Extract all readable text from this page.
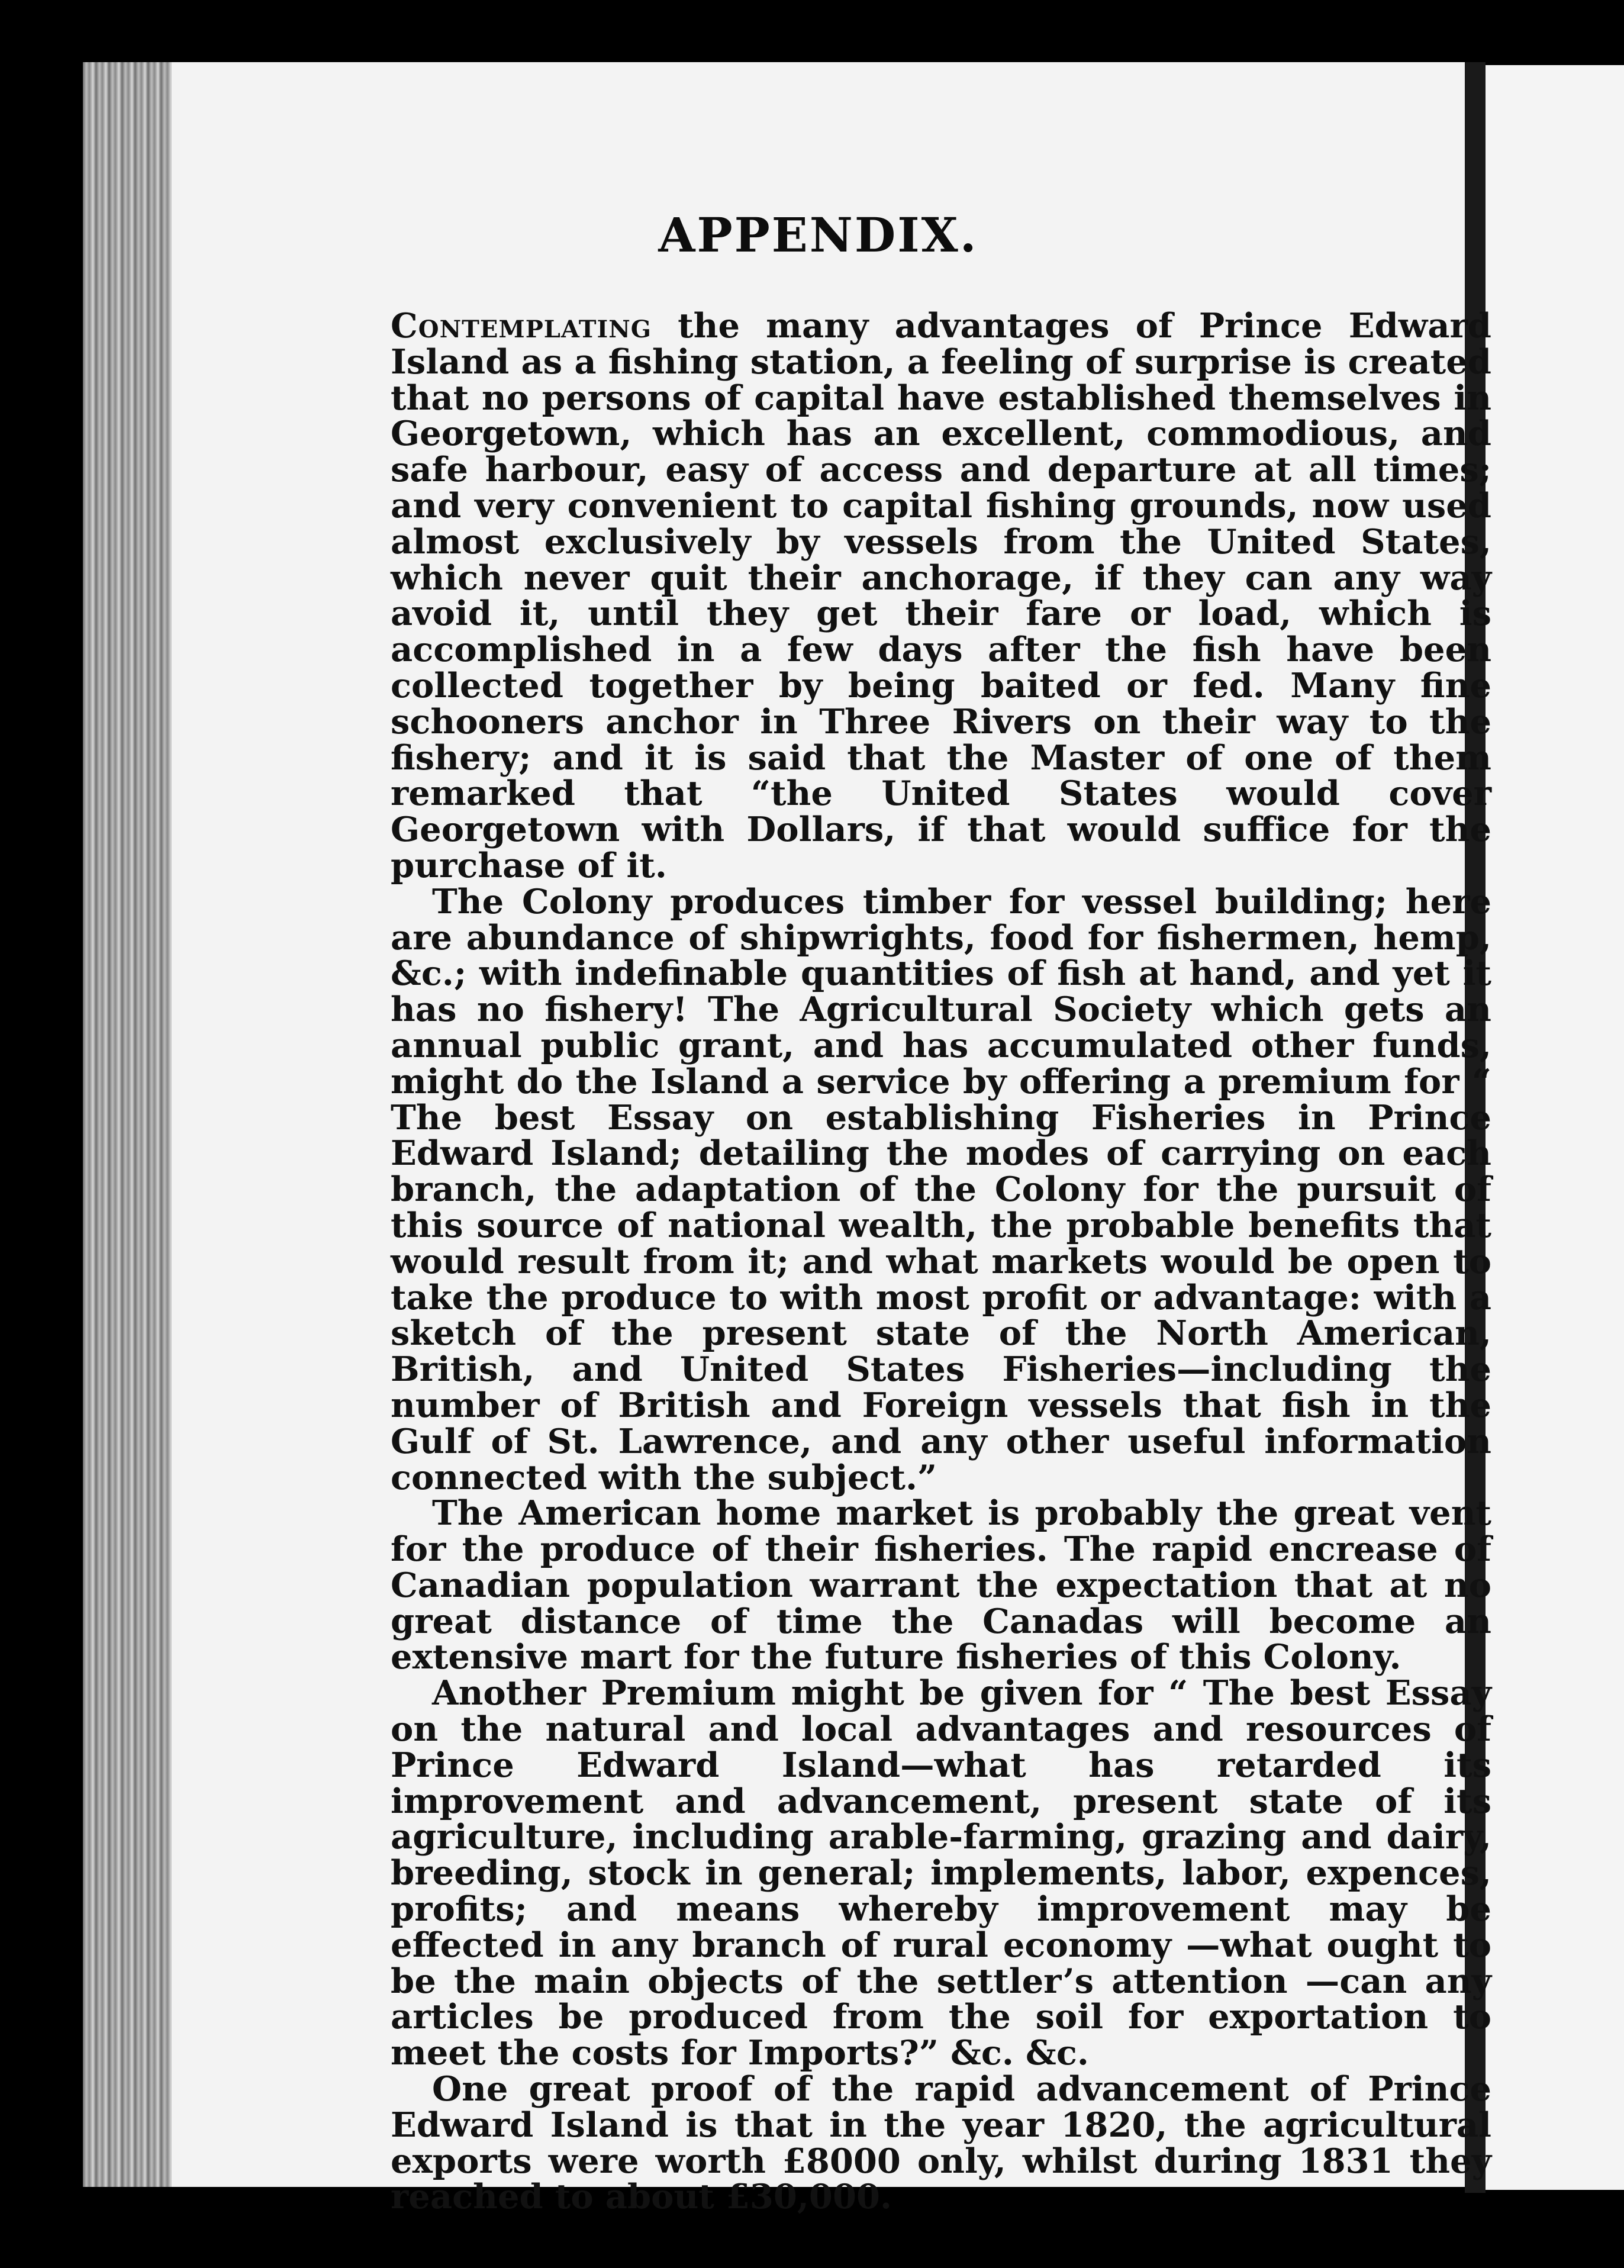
APPENDIX.

Contemplating the many advantages of Prince Edward Island as a fishing station, a feeling of surprise is created that no persons of capital have established themselves in Georgetown, which has an excellent, commodious, and safe harbour, easy of access and departure at all times; and very convenient to capital fishing grounds, now used almost exclusively by vessels from the United States, which never quit their anchorage, if they can any way avoid it, until they get their fare or load, which is accomplished in a few days after the fish have been collected together by being baited or fed. Many fine schooners anchor in Three Rivers on their way to the fishery; and it is said that the Master of one of them remarked that “the United States would cover Georgetown with Dollars, if that would suffice for the purchase of it.

The Colony produces timber for vessel building; here are abundance of shipwrights, food for fishermen, hemp, &c.; with indefinable quantities of fish at hand, and yet it has no fishery! The Agricultural Society which gets an annual public grant, and has accumulated other funds, might do the Island a service by offering a premium for “ The best Essay on establishing Fisheries in Prince Edward Island; detailing the modes of carrying on each branch, the adaptation of the Colony for the pursuit of this source of national wealth, the probable benefits that would result from it; and what markets would be open to take the produce to with most profit or advantage: with a sketch of the present state of the North American, British, and United States Fisheries—including the number of British and Foreign vessels that fish in the Gulf of St. Lawrence, and any other useful information connected with the subject.”

The American home market is probably the great vent for the produce of their fisheries. The rapid encrease of Canadian population warrant the expectation that at no great distance of time the Canadas will become an extensive mart for the future fisheries of this Colony.

Another Premium might be given for “ The best Essay on the natural and local advantages and resources of Prince Edward Island—what has retarded its improvement and advancement, present state of its agriculture, including arable-farming, grazing and dairy, breeding, stock in general; implements, labor, expences, profits; and means whereby improvement may be effected in any branch of rural economy —what ought to be the main objects of the settler’s attention —can any articles be produced from the soil for exportation to meet the costs for Imports?” &c. &c.

One great proof of the rapid advancement of Prince Edward Island is that in the year 1820, the agricultural exports were worth £8000 only, whilst during 1831 they reached to about £30,000.
